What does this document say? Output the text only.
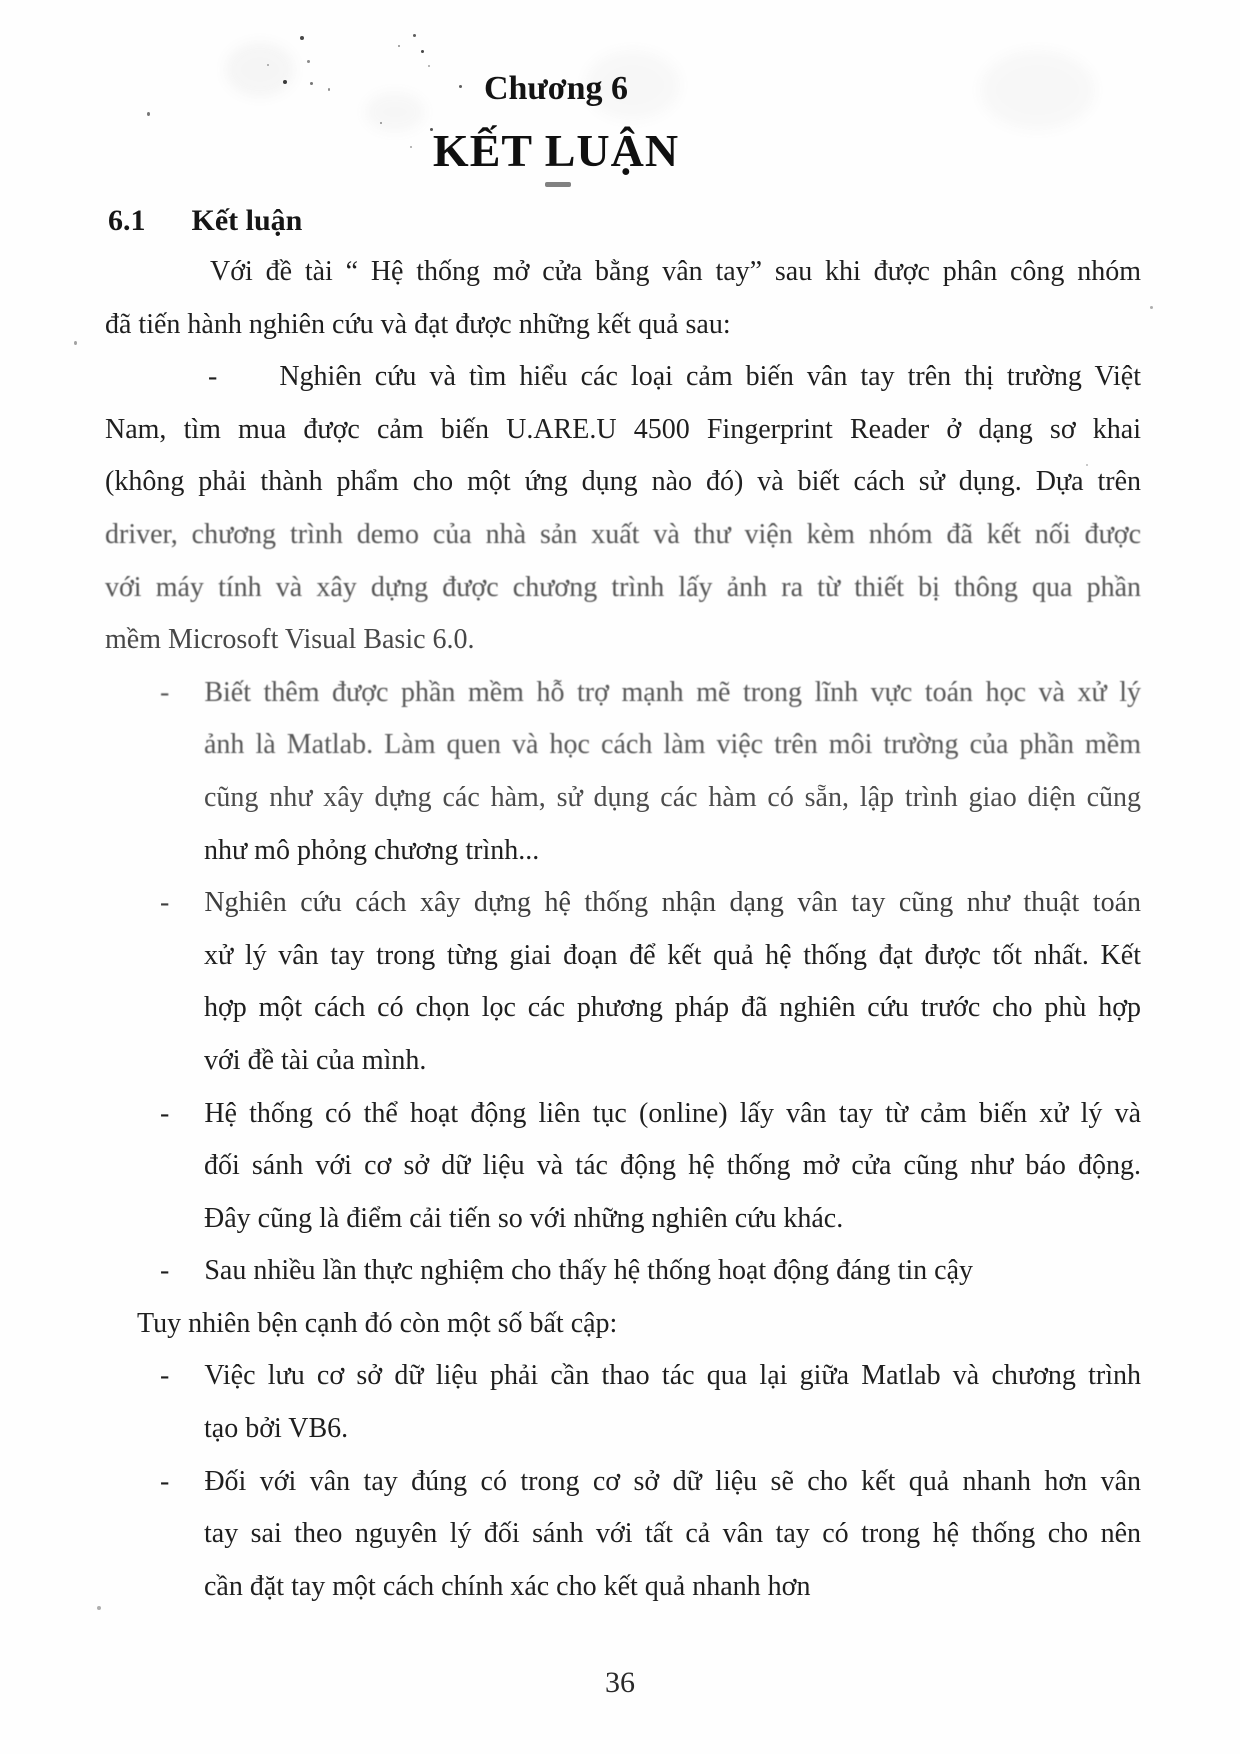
Chương 6
KẾT LUẬN
6.1 Kết luận
Với đề tài “ Hệ thống mở cửa bằng vân tay” sau khi được phân công nhóm
đã tiến hành nghiên cứu và đạt được những kết quả sau:
- Nghiên cứu và tìm hiểu các loại cảm biến vân tay trên thị trường Việt
Nam, tìm mua được cảm biến U.ARE.U 4500 Fingerprint Reader ở dạng sơ khai
(không phải thành phẩm cho một ứng dụng nào đó) và biết cách sử dụng. Dựa trên
driver, chương trình demo của nhà sản xuất và thư viện kèm nhóm đã kết nối được
với máy tính và xây dựng được chương trình lấy ảnh ra từ thiết bị thông qua phần
mềm Microsoft Visual Basic 6.0.
- Biết thêm được phần mềm hỗ trợ mạnh mẽ trong lĩnh vực toán học và xử lý
ảnh là Matlab. Làm quen và học cách làm việc trên môi trường của phần mềm
cũng như xây dựng các hàm, sử dụng các hàm có sẵn, lập trình giao diện cũng
như mô phỏng chương trình...
- Nghiên cứu cách xây dựng hệ thống nhận dạng vân tay cũng như thuật toán
xử lý vân tay trong từng giai đoạn để kết quả hệ thống đạt được tốt nhất. Kết
hợp một cách có chọn lọc các phương pháp đã nghiên cứu trước cho phù hợp
với đề tài của mình.
- Hệ thống có thể hoạt động liên tục (online) lấy vân tay từ cảm biến xử lý và
đối sánh với cơ sở dữ liệu và tác động hệ thống mở cửa cũng như báo động.
Đây cũng là điểm cải tiến so với những nghiên cứu khác.
- Sau nhiều lần thực nghiệm cho thấy hệ thống hoạt động đáng tin cậy
Tuy nhiên bện cạnh đó còn một số bất cập:
- Việc lưu cơ sở dữ liệu phải cần thao tác qua lại giữa Matlab và chương trình
tạo bởi VB6.
- Đối với vân tay đúng có trong cơ sở dữ liệu sẽ cho kết quả nhanh hơn vân
tay sai theo nguyên lý đối sánh với tất cả vân tay có trong hệ thống cho nên
cần đặt tay một cách chính xác cho kết quả nhanh hơn
36
